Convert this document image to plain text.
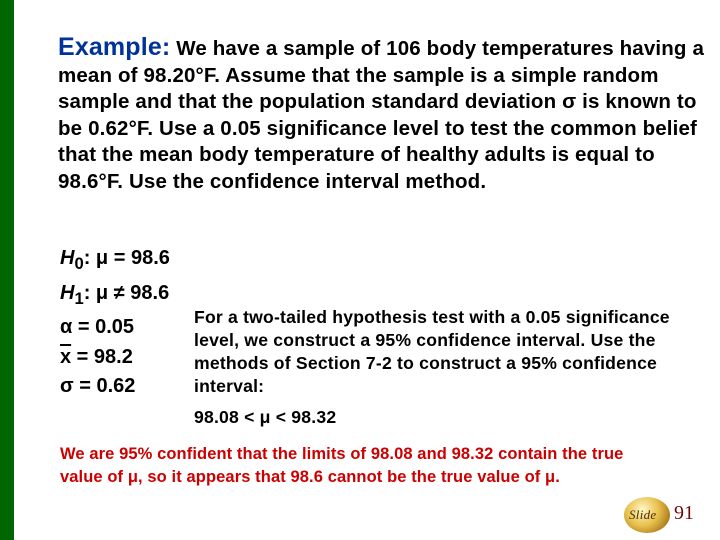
Example: We have a sample of 106 body temperatures having a mean of 98.20°F. Assume that the sample is a simple random sample and that the population standard deviation σ is known to be 0.62°F. Use a 0.05 significance level to test the common belief that the mean body temperature of healthy adults is equal to 98.6°F. Use the confidence interval method.

$H_0$: μ = 98.6
$H_1$: μ ≠ 98.6
α = 0.05
$\overline{x} = 98.2$
σ = 0.62

For a two-tailed hypothesis test with a 0.05 significance level, we construct a 95% confidence interval. Use the methods of Section 7-2 to construct a 95% confidence interval:

98.08 < μ < 98.32

We are 95% confident that the limits of 98.08 and 98.32 contain the true value of μ, so it appears that 98.6 cannot be the true value of μ.
Slide 91
